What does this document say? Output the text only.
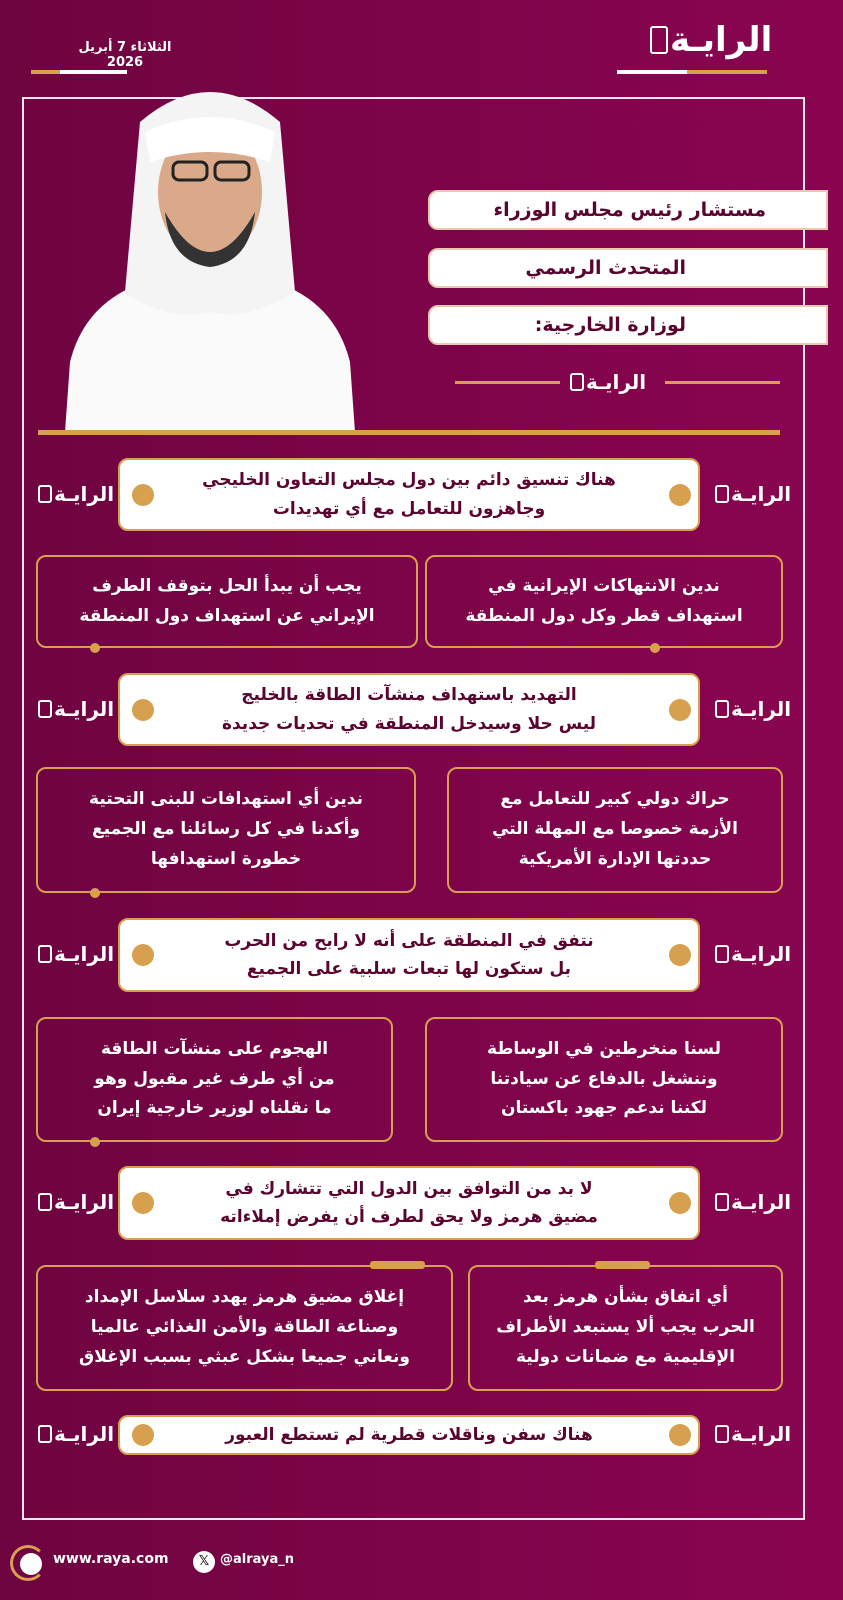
الرايـة
الثلاثاء 7 أبريل 2026
مستشار رئيس مجلس الوزراء
المتحدث الرسمي
لوزارة الخارجية:
الرايـة
هناك تنسيق دائم بين دول مجلس التعاون الخليجي
وجاهزون للتعامل مع أي تهديدات
الرايـة	الرايـة
يجب أن يبدأ الحل بتوقف الطرف
الإيراني عن استهداف دول المنطقة
ندين الانتهاكات الإيرانية في
استهداف قطر وكل دول المنطقة
التهديد باستهداف منشآت الطاقة بالخليج
ليس حلا وسيدخل المنطقة في تحديات جديدة
الرايـة	الرايـة
ندين أي استهدافات للبنى التحتية
وأكدنا في كل رسائلنا مع الجميع
خطورة استهدافها
حراك دولي كبير للتعامل مع
الأزمة خصوصا مع المهلة التي
حددتها الإدارة الأمريكية
نتفق في المنطقة على أنه لا رابح من الحرب
بل ستكون لها تبعات سلبية على الجميع
الرايـة	الرايـة
الهجوم على منشآت الطاقة
من أي طرف غير مقبول وهو
ما نقلناه لوزير خارجية إيران
لسنا منخرطين في الوساطة
وننشغل بالدفاع عن سيادتنا
لكننا ندعم جهود باكستان
لا بد من التوافق بين الدول التي تتشارك في
مضيق هرمز ولا يحق لطرف أن يفرض إملاءاته
الرايـة	الرايـة
إغلاق مضيق هرمز يهدد سلاسل الإمداد
وصناعة الطاقة والأمن الغذائي عالميا
ونعاني جميعا بشكل عبثي بسبب الإغلاق
أي اتفاق بشأن هرمز بعد
الحرب يجب ألا يستبعد الأطراف
الإقليمية مع ضمانات دولية
هناك سفن وناقلات قطرية لم تستطع العبور
الرايـة	الرايـة
www.raya.com	𝕏 @alraya_n
